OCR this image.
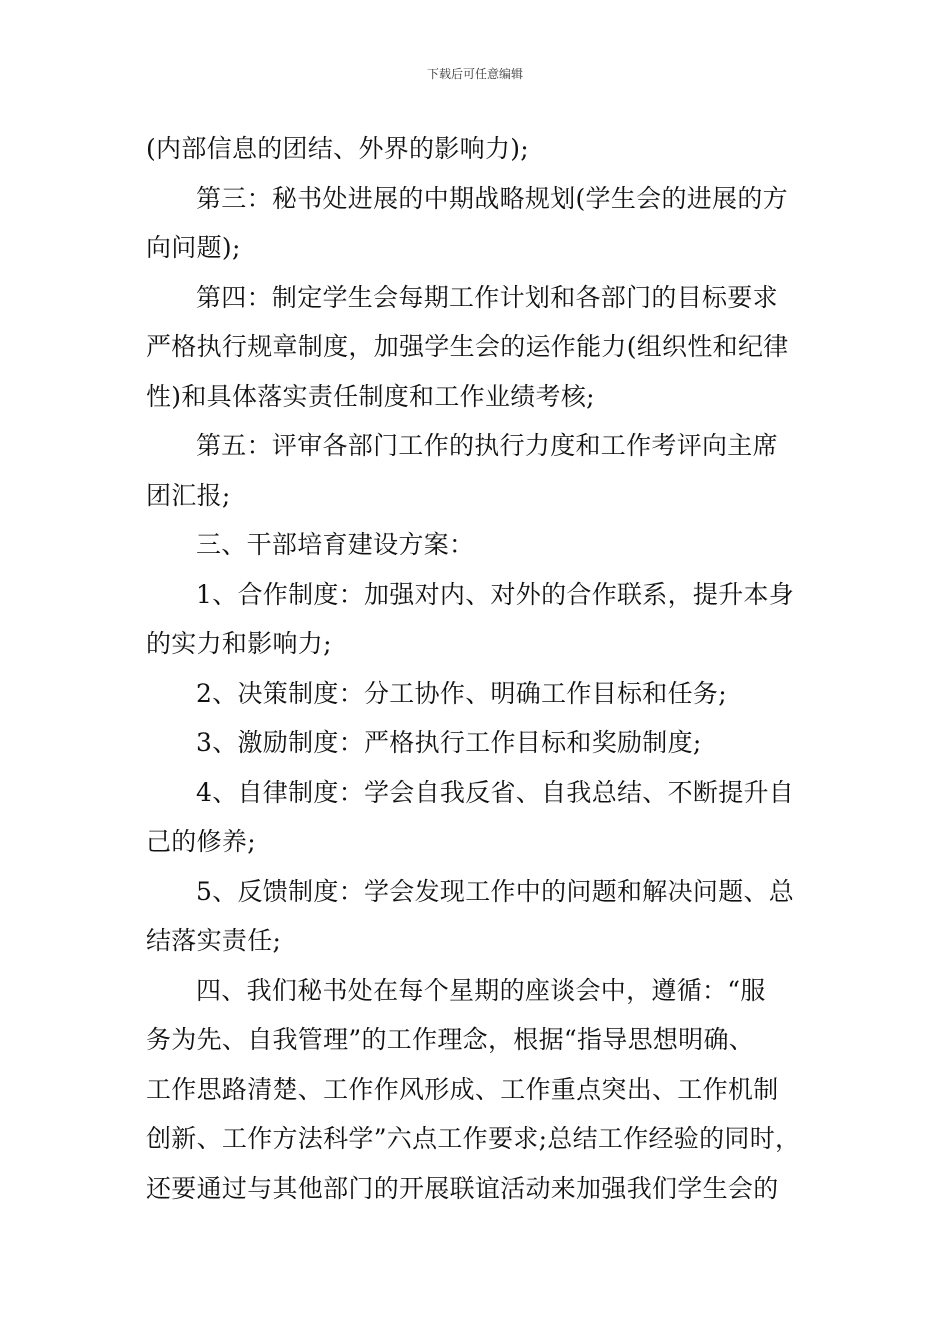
下载后可任意编辑
(内部信息的团结、外界的影响力);
第三：秘书处进展的中期战略规划(学生会的进展的方
向问题);
第四：制定学生会每期工作计划和各部门的目标要求
严格执行规章制度，加强学生会的运作能力(组织性和纪律
性)和具体落实责任制度和工作业绩考核;
第五：评审各部门工作的执行力度和工作考评向主席
团汇报;
三、干部培育建设方案：
1、合作制度：加强对内、对外的合作联系，提升本身
的实力和影响力;
2、决策制度：分工协作、明确工作目标和任务;
3、激励制度：严格执行工作目标和奖励制度;
4、自律制度：学会自我反省、自我总结、不断提升自
己的修养;
5、反馈制度：学会发现工作中的问题和解决问题、总
结落实责任;
四、我们秘书处在每个星期的座谈会中，遵循：“服
务为先、自我管理”的工作理念，根据“指导思想明确、
工作思路清楚、工作作风形成、工作重点突出、工作机制
创新、工作方法科学”六点工作要求;总结工作经验的同时，
还要通过与其他部门的开展联谊活动来加强我们学生会的
